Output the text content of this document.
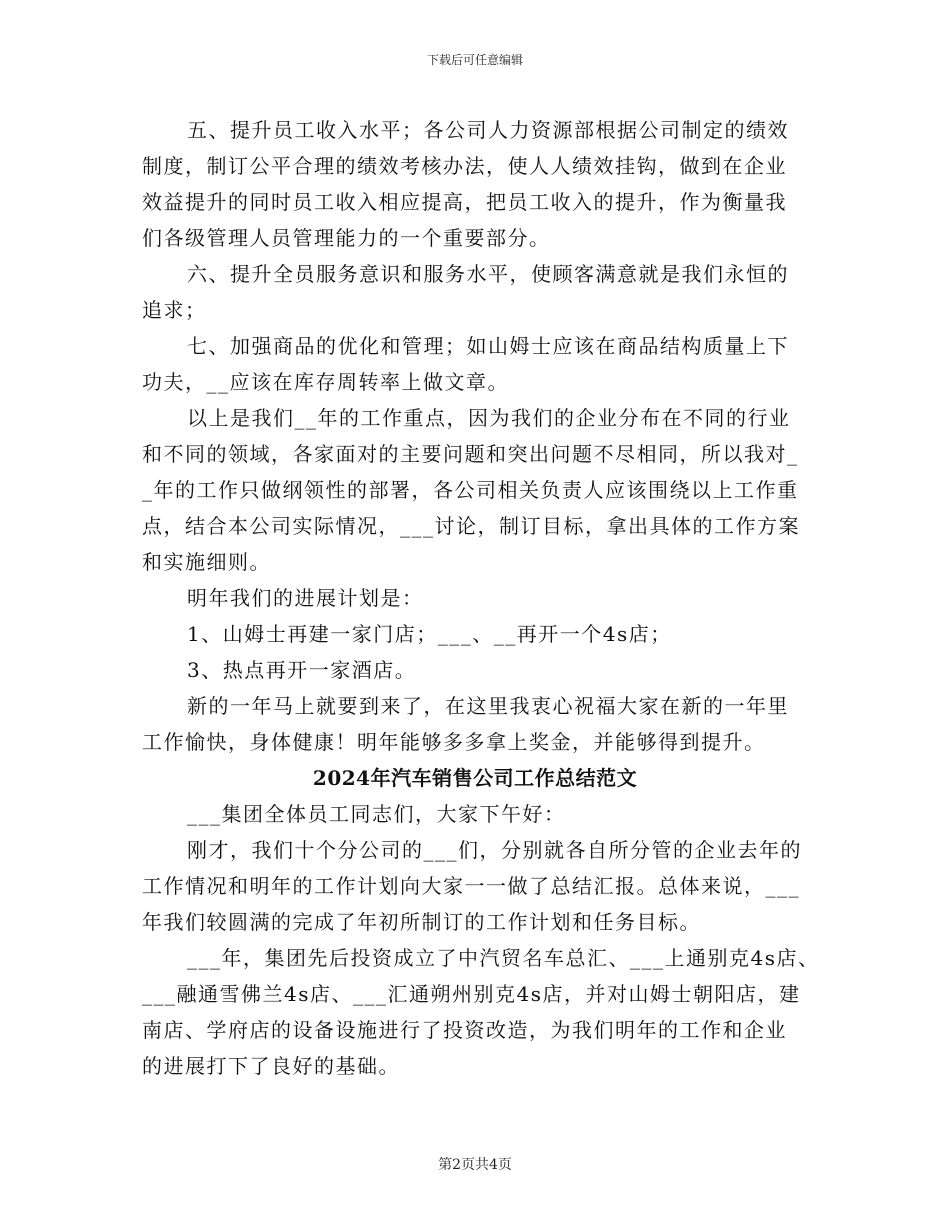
下载后可任意编辑
五、提升员工收入水平；各公司人力资源部根据公司制定的绩效
制度，制订公平合理的绩效考核办法，使人人绩效挂钩，做到在企业
效益提升的同时员工收入相应提高，把员工收入的提升，作为衡量我
们各级管理人员管理能力的一个重要部分。
六、提升全员服务意识和服务水平，使顾客满意就是我们永恒的
追求；
七、加强商品的优化和管理；如山姆士应该在商品结构质量上下
功夫，__应该在库存周转率上做文章。
以上是我们__年的工作重点，因为我们的企业分布在不同的行业
和不同的领域，各家面对的主要问题和突出问题不尽相同，所以我对_
_年的工作只做纲领性的部署，各公司相关负责人应该围绕以上工作重
点，结合本公司实际情况，___讨论，制订目标，拿出具体的工作方案
和实施细则。
明年我们的进展计划是：
1、山姆士再建一家门店；___、__再开一个4s店；
3、热点再开一家酒店。
新的一年马上就要到来了，在这里我衷心祝福大家在新的一年里
工作愉快，身体健康！明年能够多多拿上奖金，并能够得到提升。
2024年汽车销售公司工作总结范文
___集团全体员工同志们，大家下午好：
刚才，我们十个分公司的___们，分别就各自所分管的企业去年的
工作情况和明年的工作计划向大家一一做了总结汇报。总体来说，___
年我们较圆满的完成了年初所制订的工作计划和任务目标。
___年，集团先后投资成立了中汽贸名车总汇、___上通别克4s店、
___融通雪佛兰4s店、___汇通朔州别克4s店，并对山姆士朝阳店，建
南店、学府店的设备设施进行了投资改造，为我们明年的工作和企业
的进展打下了良好的基础。
第2页共4页
